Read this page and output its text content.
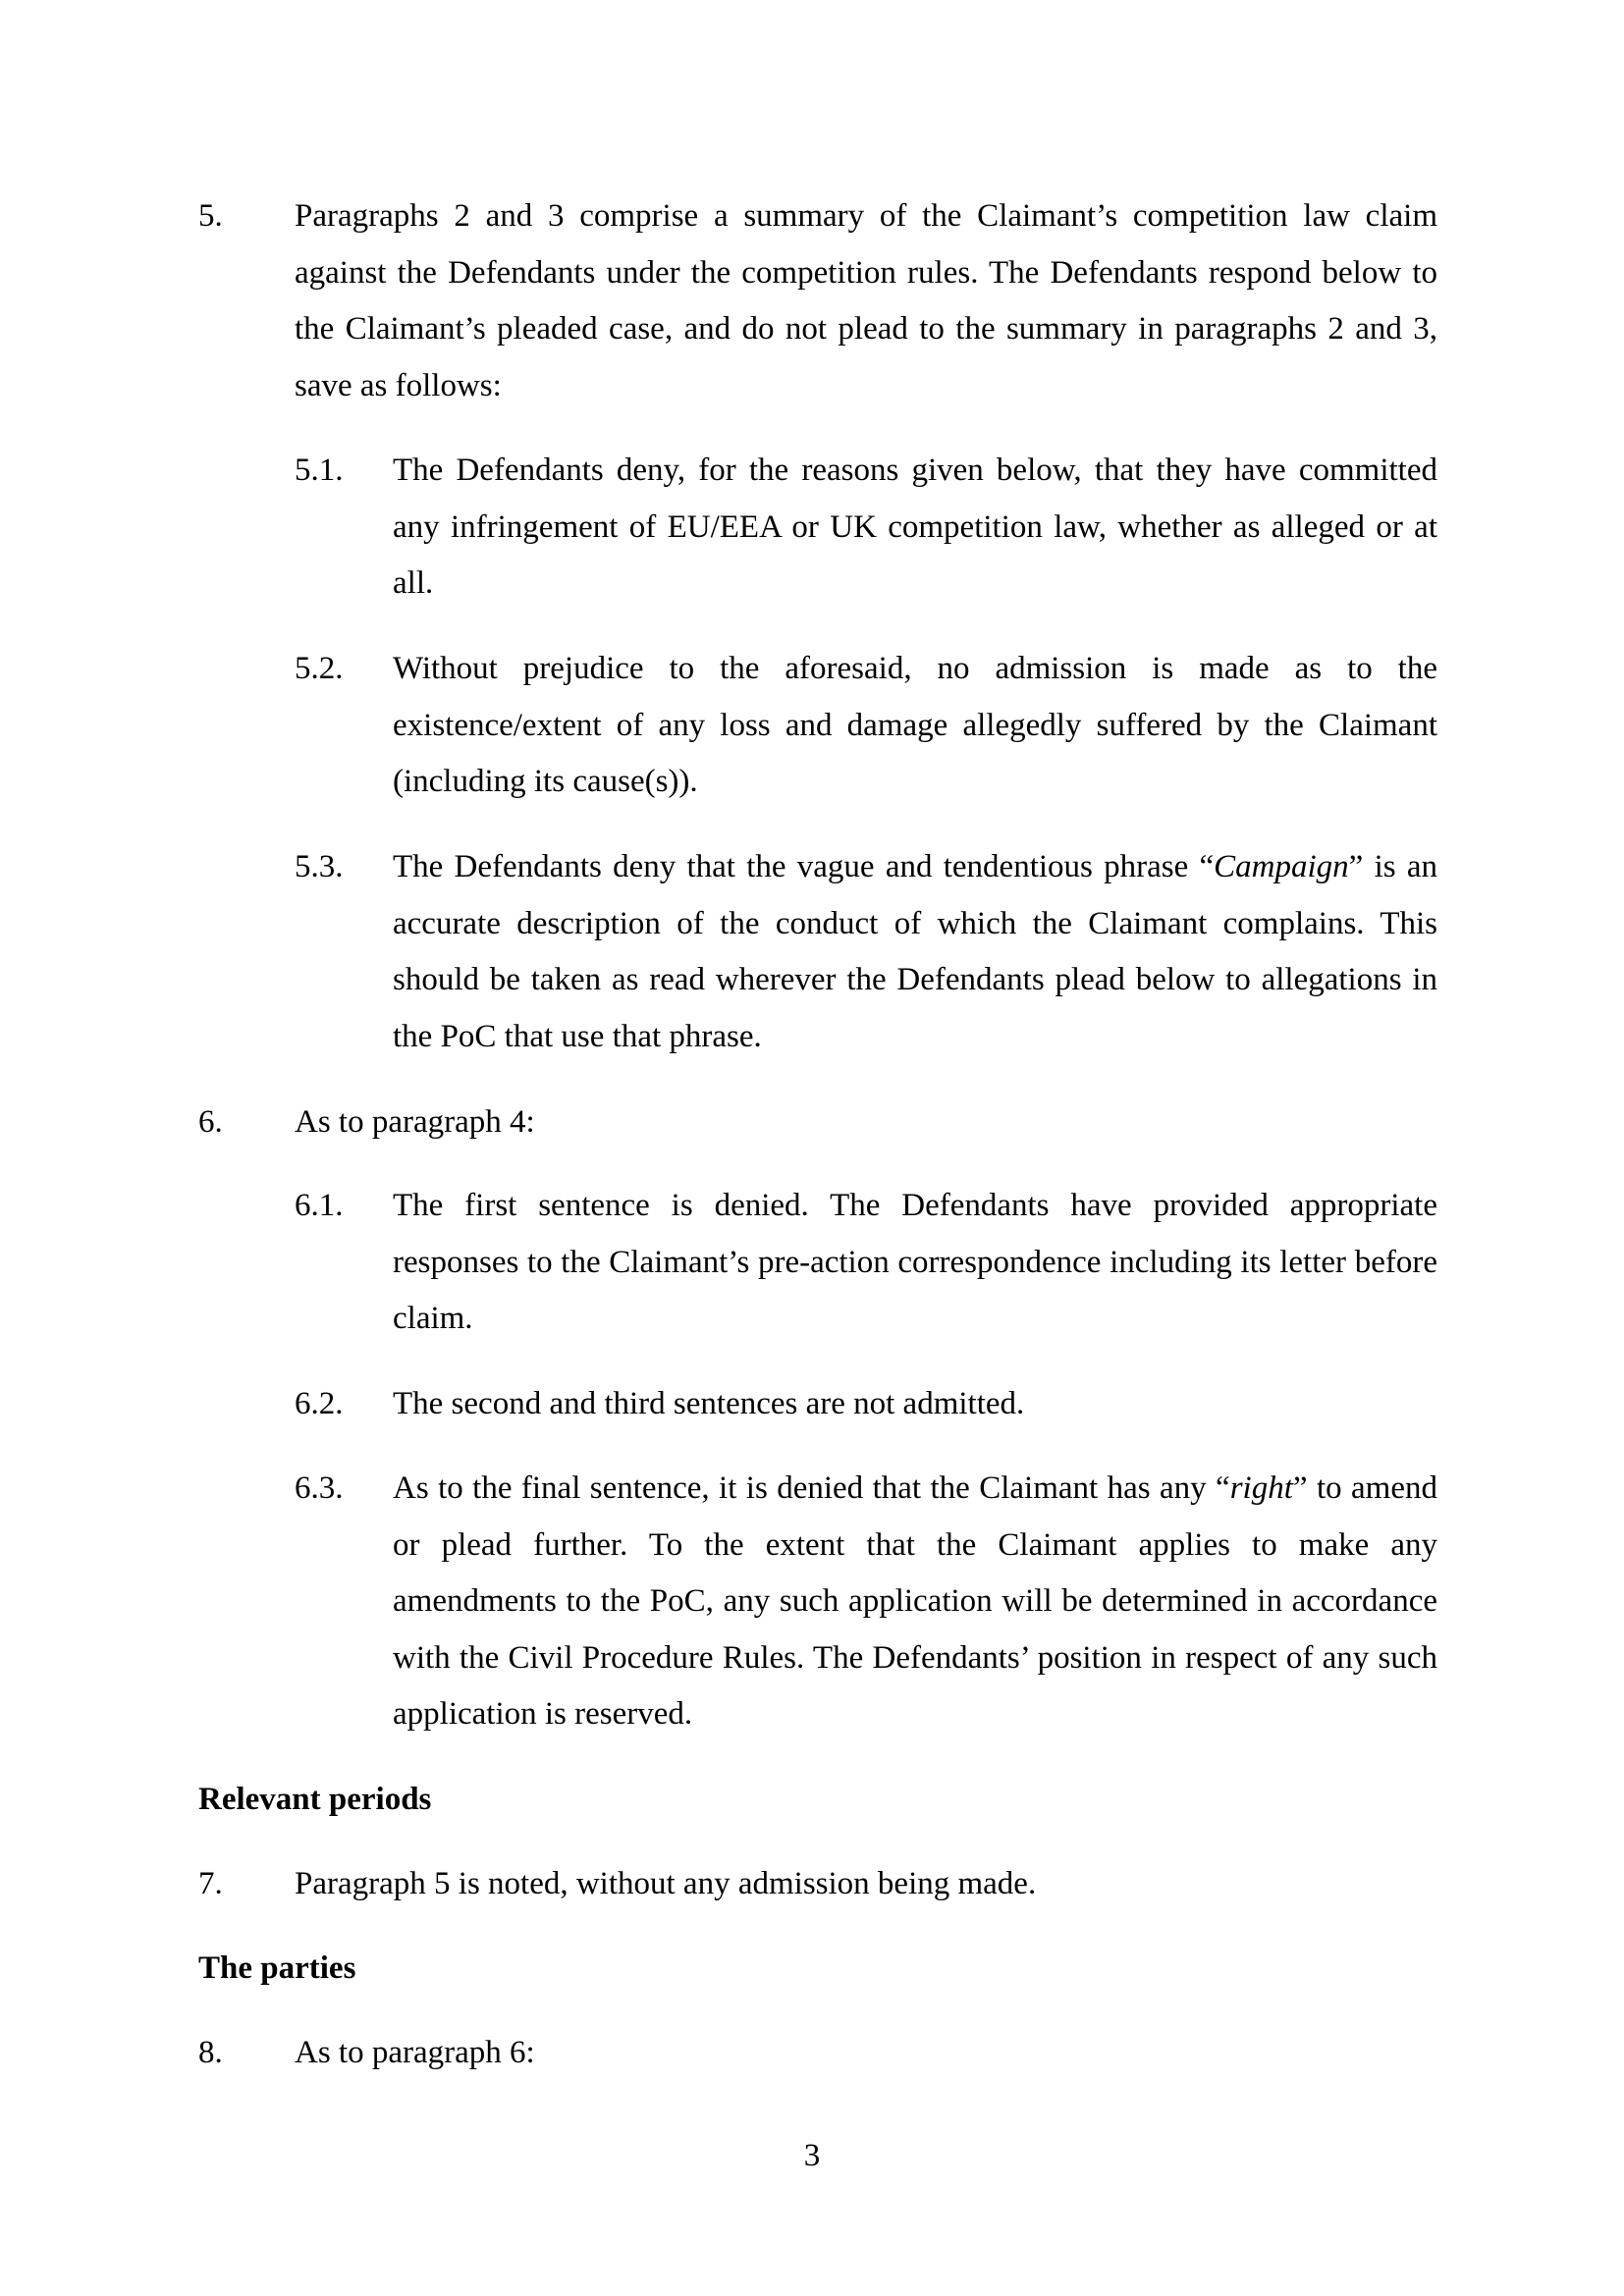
5. Paragraphs 2 and 3 comprise a summary of the Claimant’s competition law claim against the Defendants under the competition rules. The Defendants respond below to the Claimant’s pleaded case, and do not plead to the summary in paragraphs 2 and 3, save as follows:
5.1. The Defendants deny, for the reasons given below, that they have committed any infringement of EU/EEA or UK competition law, whether as alleged or at all.
5.2. Without prejudice to the aforesaid, no admission is made as to the existence/extent of any loss and damage allegedly suffered by the Claimant (including its cause(s)).
5.3. The Defendants deny that the vague and tendentious phrase “Campaign” is an accurate description of the conduct of which the Claimant complains. This should be taken as read wherever the Defendants plead below to allegations in the PoC that use that phrase.
6. As to paragraph 4:
6.1. The first sentence is denied. The Defendants have provided appropriate responses to the Claimant’s pre-action correspondence including its letter before claim.
6.2. The second and third sentences are not admitted.
6.3. As to the final sentence, it is denied that the Claimant has any “right” to amend or plead further. To the extent that the Claimant applies to make any amendments to the PoC, any such application will be determined in accordance with the Civil Procedure Rules. The Defendants’ position in respect of any such application is reserved.
Relevant periods
7. Paragraph 5 is noted, without any admission being made.
The parties
8. As to paragraph 6:
3
